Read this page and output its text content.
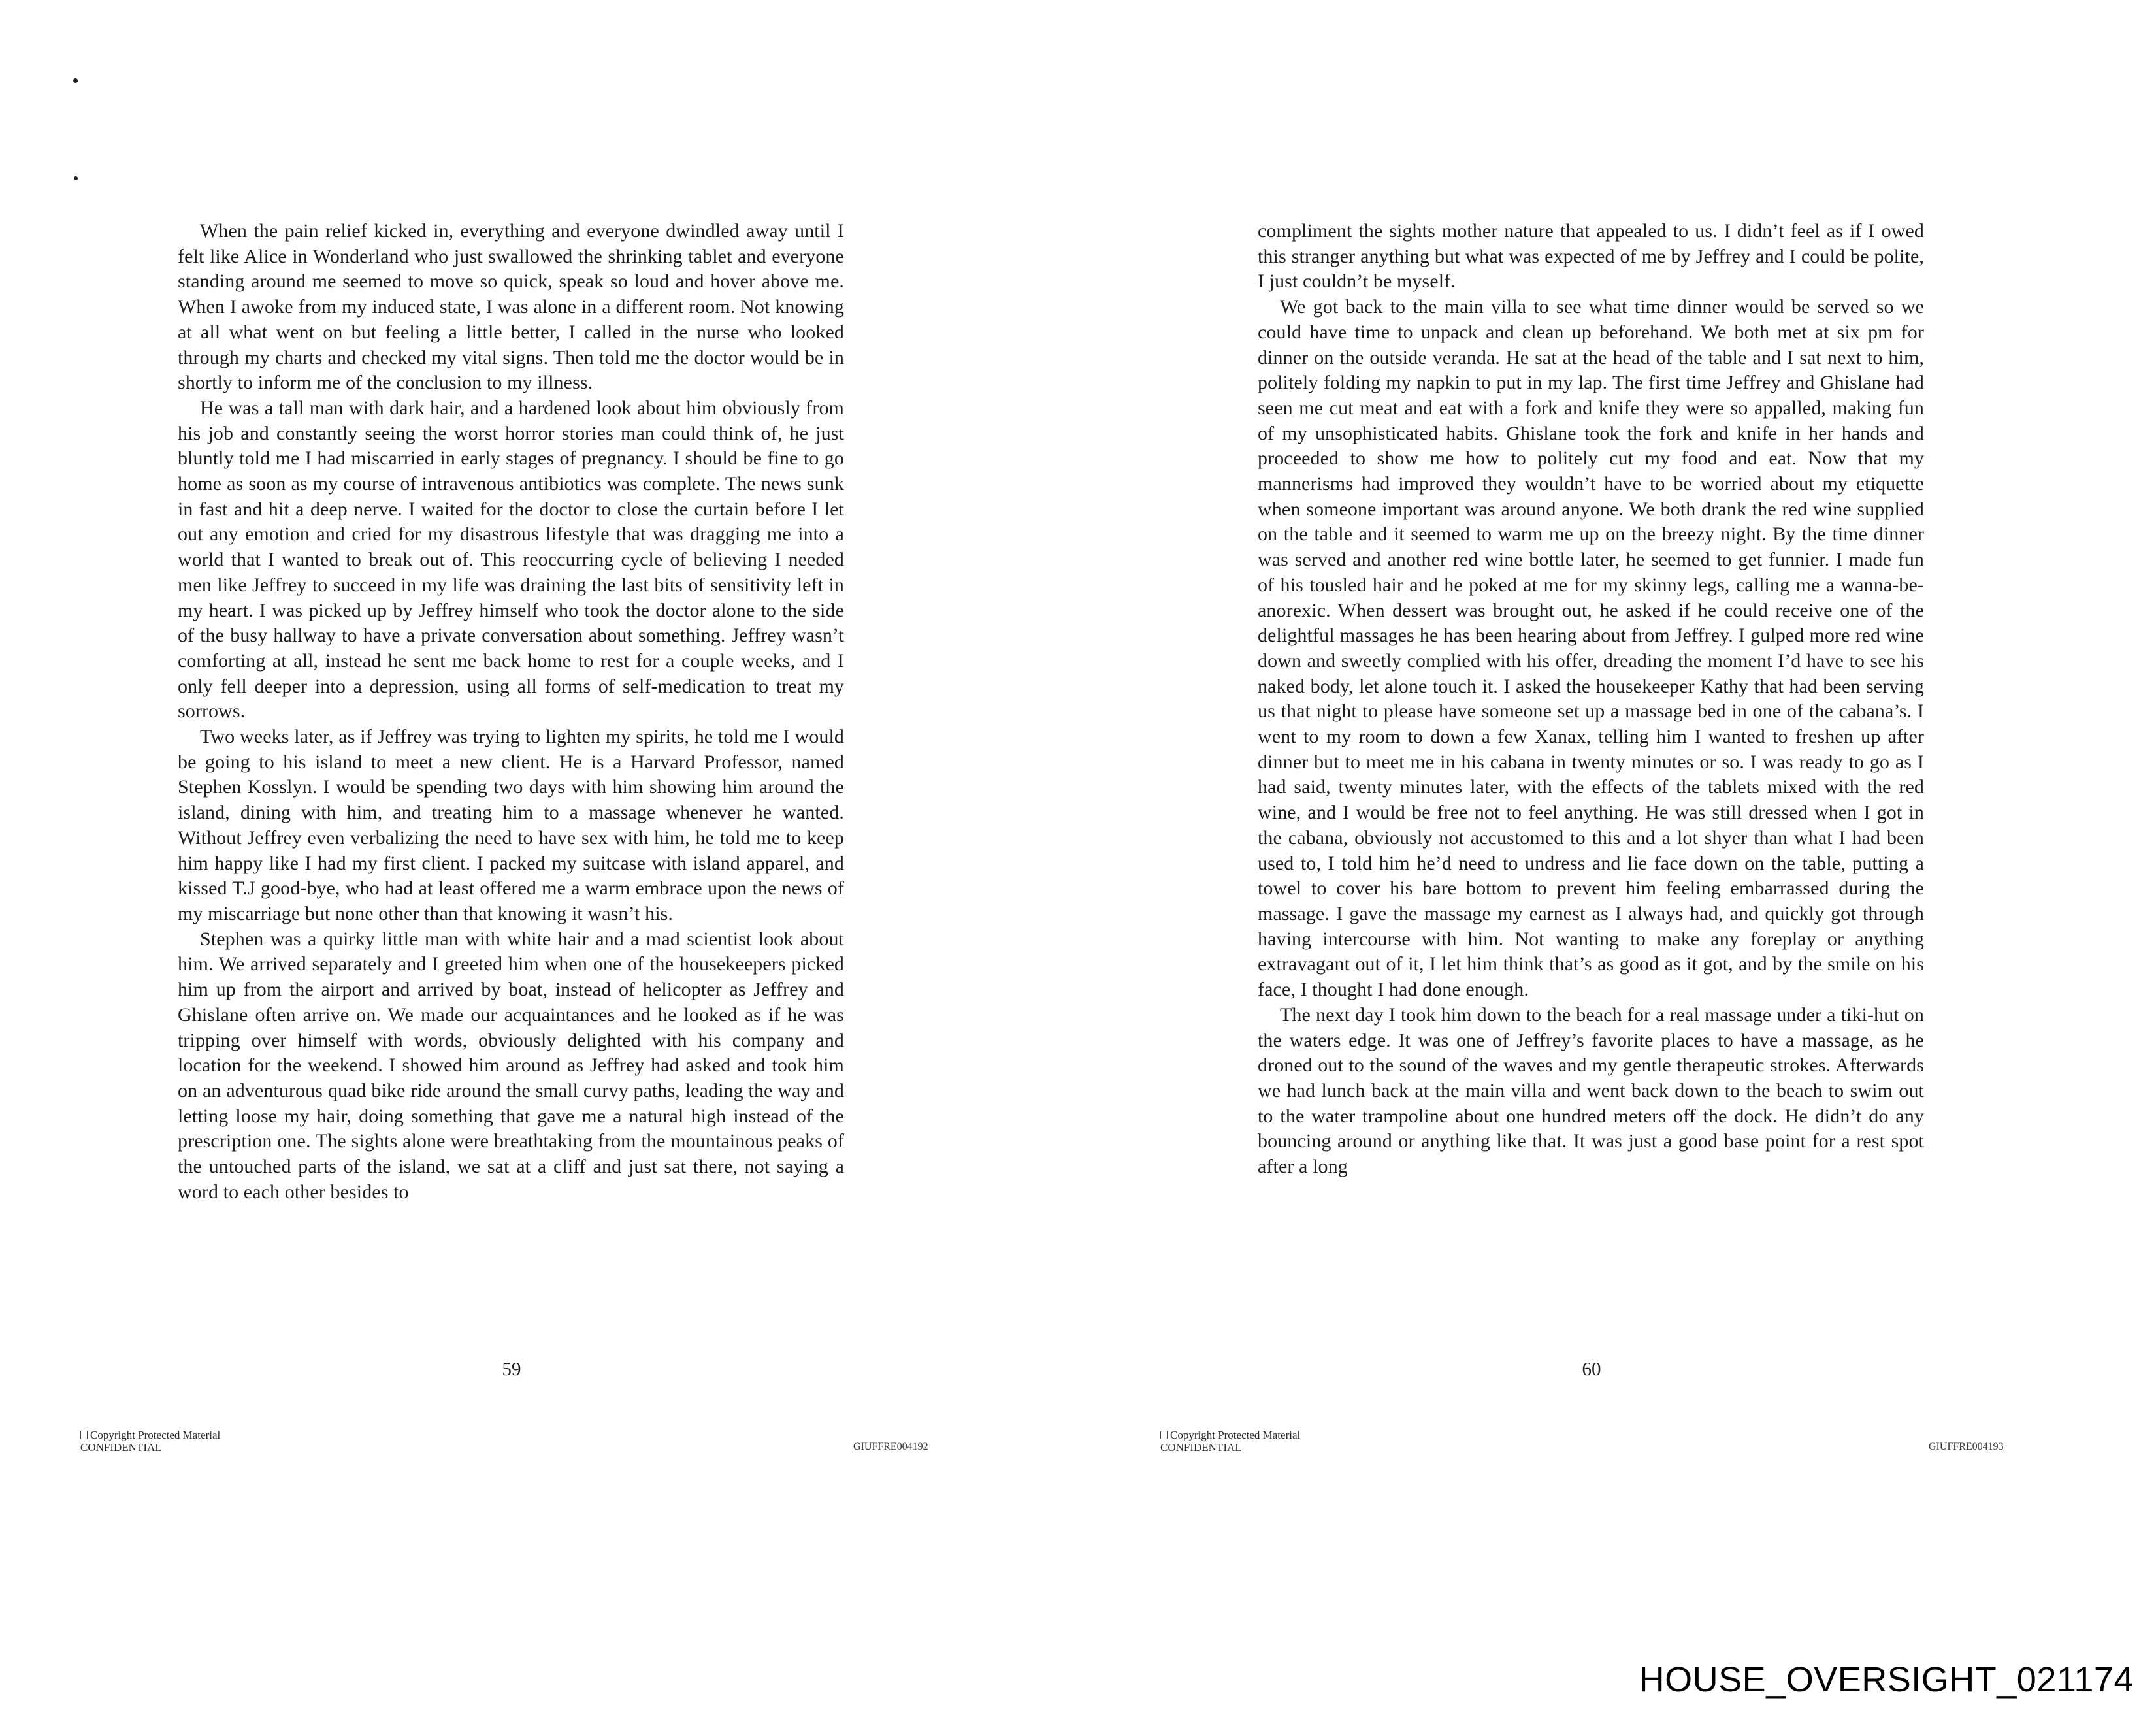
When the pain relief kicked in, everything and everyone dwindled away until I felt like Alice in Wonderland who just swallowed the shrinking tablet and everyone standing around me seemed to move so quick, speak so loud and hover above me. When I awoke from my induced state, I was alone in a different room. Not knowing at all what went on but feeling a little better, I called in the nurse who looked through my charts and checked my vital signs. Then told me the doctor would be in shortly to inform me of the conclusion to my illness.

He was a tall man with dark hair, and a hardened look about him obviously from his job and constantly seeing the worst horror stories man could think of, he just bluntly told me I had miscarried in early stages of pregnancy. I should be fine to go home as soon as my course of intravenous antibiotics was complete. The news sunk in fast and hit a deep nerve. I waited for the doctor to close the curtain before I let out any emotion and cried for my disastrous lifestyle that was dragging me into a world that I wanted to break out of. This reoccurring cycle of believing I needed men like Jeffrey to succeed in my life was draining the last bits of sensitivity left in my heart. I was picked up by Jeffrey himself who took the doctor alone to the side of the busy hallway to have a private conversation about something. Jeffrey wasn’t comforting at all, instead he sent me back home to rest for a couple weeks, and I only fell deeper into a depression, using all forms of self-medication to treat my sorrows.

Two weeks later, as if Jeffrey was trying to lighten my spirits, he told me I would be going to his island to meet a new client. He is a Harvard Professor, named Stephen Kosslyn. I would be spending two days with him showing him around the island, dining with him, and treating him to a massage whenever he wanted. Without Jeffrey even verbalizing the need to have sex with him, he told me to keep him happy like I had my first client. I packed my suitcase with island apparel, and kissed T.J good-bye, who had at least offered me a warm embrace upon the news of my miscarriage but none other than that knowing it wasn’t his.

Stephen was a quirky little man with white hair and a mad scientist look about him. We arrived separately and I greeted him when one of the housekeepers picked him up from the airport and arrived by boat, instead of helicopter as Jeffrey and Ghislane often arrive on. We made our acquaintances and he looked as if he was tripping over himself with words, obviously delighted with his company and location for the weekend. I showed him around as Jeffrey had asked and took him on an adventurous quad bike ride around the small curvy paths, leading the way and letting loose my hair, doing something that gave me a natural high instead of the prescription one. The sights alone were breathtaking from the mountainous peaks of the untouched parts of the island, we sat at a cliff and just sat there, not saying a word to each other besides to

59
Copyright Protected Material
CONFIDENTIAL	GIUFFRE004192

compliment the sights mother nature that appealed to us. I didn’t feel as if I owed this stranger anything but what was expected of me by Jeffrey and I could be polite, I just couldn’t be myself.

We got back to the main villa to see what time dinner would be served so we could have time to unpack and clean up beforehand. We both met at six pm for dinner on the outside veranda. He sat at the head of the table and I sat next to him, politely folding my napkin to put in my lap. The first time Jeffrey and Ghislane had seen me cut meat and eat with a fork and knife they were so appalled, making fun of my unsophisticated habits. Ghislane took the fork and knife in her hands and proceeded to show me how to politely cut my food and eat. Now that my mannerisms had improved they wouldn’t have to be worried about my etiquette when someone important was around anyone. We both drank the red wine supplied on the table and it seemed to warm me up on the breezy night. By the time dinner was served and another red wine bottle later, he seemed to get funnier. I made fun of his tousled hair and he poked at me for my skinny legs, calling me a wanna-be- anorexic. When dessert was brought out, he asked if he could receive one of the delightful massages he has been hearing about from Jeffrey. I gulped more red wine down and sweetly complied with his offer, dreading the moment I’d have to see his naked body, let alone touch it. I asked the housekeeper Kathy that had been serving us that night to please have someone set up a massage bed in one of the cabana’s. I went to my room to down a few Xanax, telling him I wanted to freshen up after dinner but to meet me in his cabana in twenty minutes or so. I was ready to go as I had said, twenty minutes later, with the effects of the tablets mixed with the red wine, and I would be free not to feel anything. He was still dressed when I got in the cabana, obviously not accustomed to this and a lot shyer than what I had been used to, I told him he’d need to undress and lie face down on the table, putting a towel to cover his bare bottom to prevent him feeling embarrassed during the massage. I gave the massage my earnest as I always had, and quickly got through having intercourse with him. Not wanting to make any foreplay or anything extravagant out of it, I let him think that’s as good as it got, and by the smile on his face, I thought I had done enough.

The next day I took him down to the beach for a real massage under a tiki-hut on the waters edge. It was one of Jeffrey’s favorite places to have a massage, as he droned out to the sound of the waves and my gentle therapeutic strokes. Afterwards we had lunch back at the main villa and went back down to the beach to swim out to the water trampoline about one hundred meters off the dock. He didn’t do any bouncing around or anything like that. It was just a good base point for a rest spot after a long

60
Copyright Protected Material
CONFIDENTIAL	GIUFFRE004193
HOUSE_OVERSIGHT_021174
